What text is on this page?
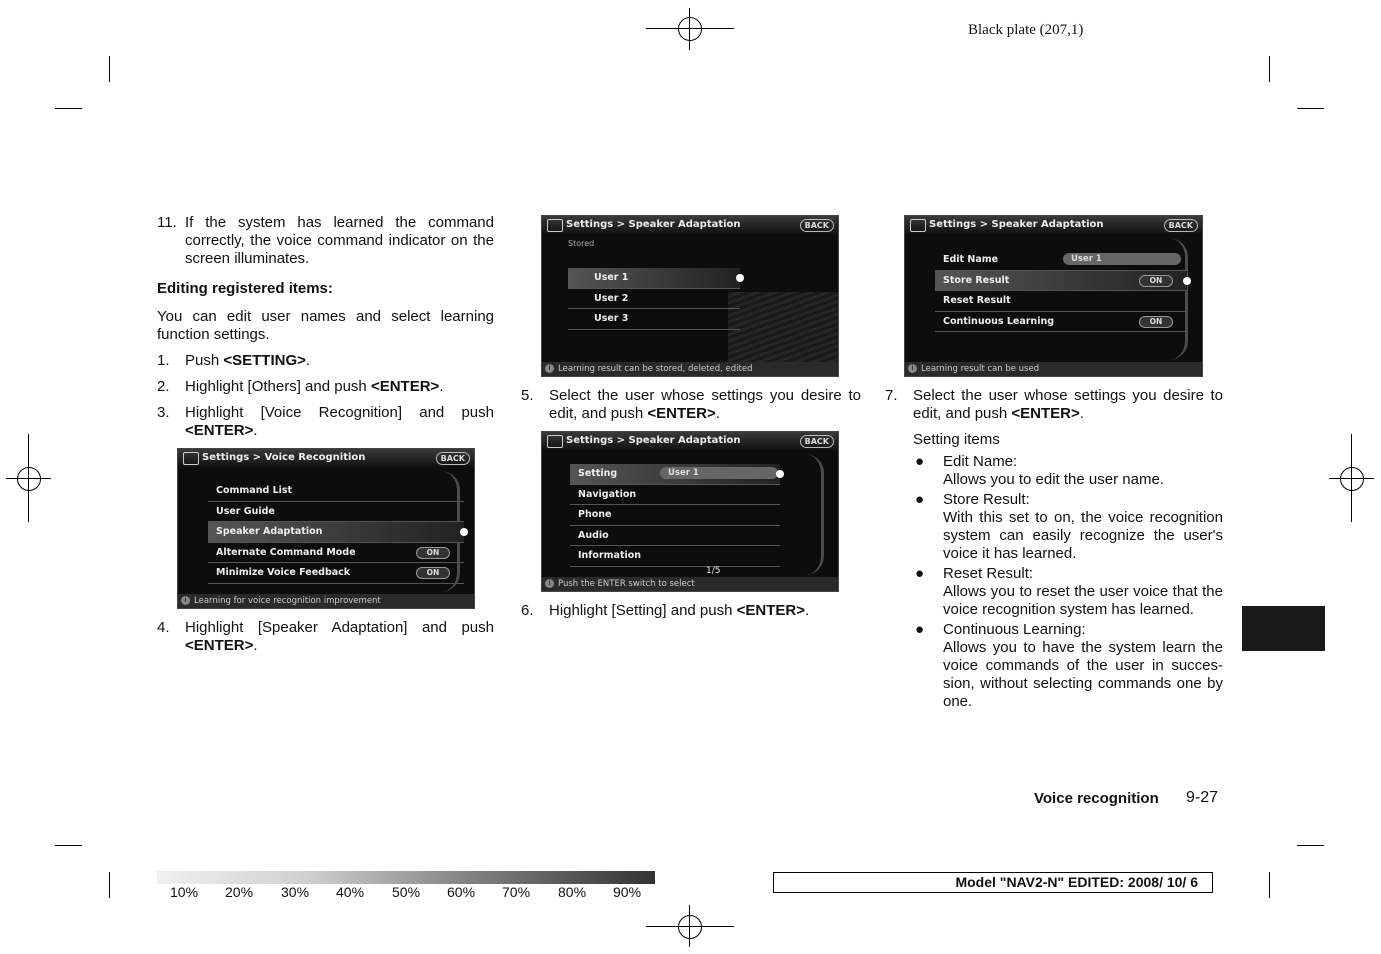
Black plate (207,1)
11. If the system has learned the command correctly, the voice command indicator on the screen illuminates.
Editing registered items:
You can edit user names and select learning function settings.
1.	Push <SETTING>.
2.	Highlight [Others] and push <ENTER>.
3.	Highlight [Voice Recognition] and push <ENTER>.
Settings > Voice Recognition	BACK
Command List
User Guide
Speaker Adaptation
Alternate Command Mode	ON
Minimize Voice Feedback	ON
i Learning for voice recognition improvement
4.	Highlight [Speaker Adaptation] and push <ENTER>.
Settings > Speaker Adaptation	BACK
Stored
User 1
User 2
User 3
i Learning result can be stored, deleted, edited
5.	Select the user whose settings you desire to edit, and push <ENTER>.
Settings > Speaker Adaptation	BACK
Setting	User 1
Navigation
Phone
Audio
Information
1/5
i Push the ENTER switch to select
6.	Highlight [Setting] and push <ENTER>.
Settings > Speaker Adaptation	BACK
Edit Name	User 1
Store Result	ON
Reset Result
Continuous Learning	ON
i Learning result can be used
7.	Select the user whose settings you desire to edit, and push <ENTER>.
Setting items
●	Edit Name:
Allows you to edit the user name.
●	Store Result:
With this set to on, the voice recognition system can easily recognize the user's voice it has learned.
●	Reset Result:
Allows you to reset the user voice that the voice recognition system has learned.
●	Continuous Learning:
Allows you to have the system learn the voice commands of the user in succes-sion, without selecting commands one by one.
Voice recognition 9-27
10% 20% 30% 40% 50% 60% 70% 80% 90%
Model "NAV2-N" EDITED: 2008/ 10/ 6
